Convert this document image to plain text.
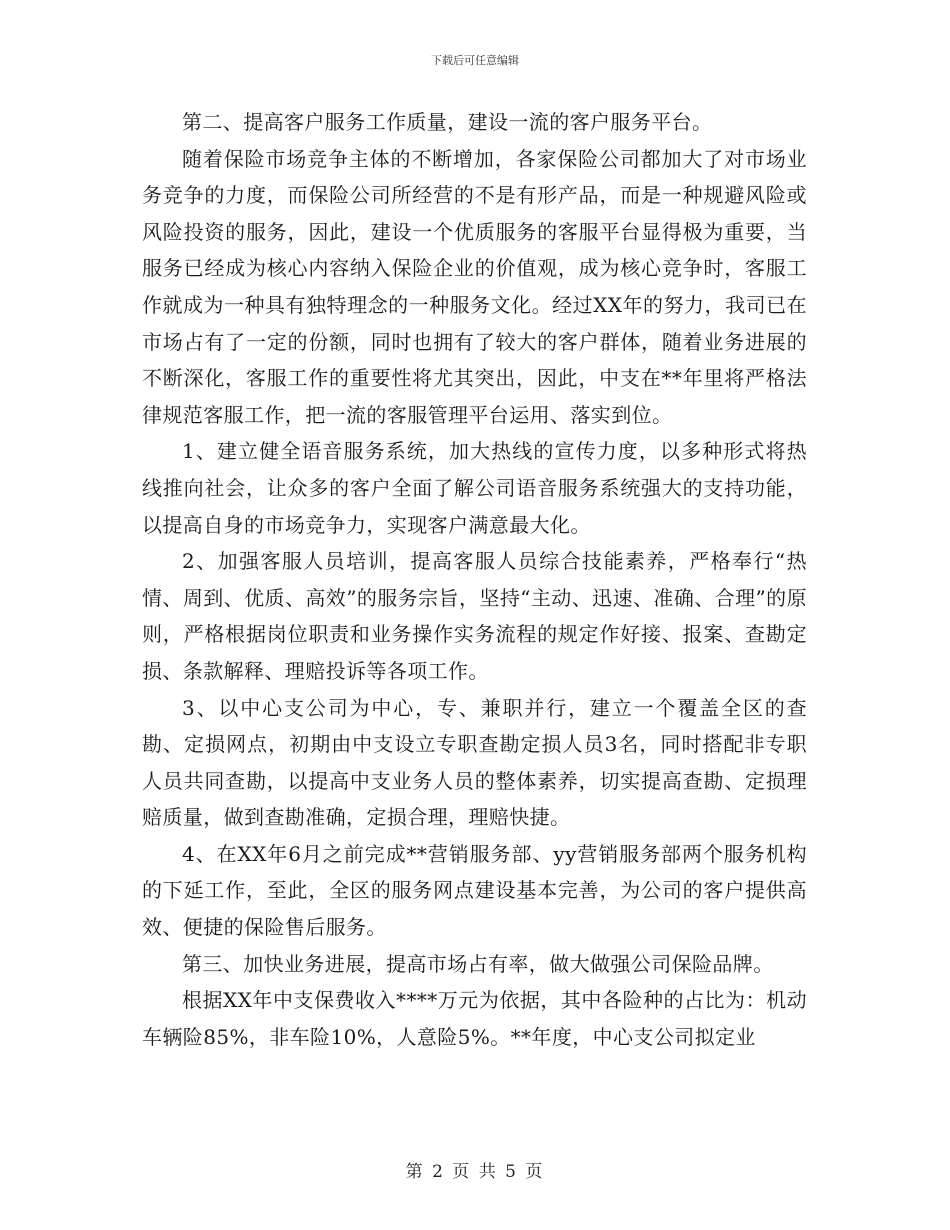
下载后可任意编辑

第二、提高客户服务工作质量，建设一流的客户服务平台。

随着保险市场竞争主体的不断增加，各家保险公司都加大了对市场业务竞争的力度，而保险公司所经营的不是有形产品，而是一种规避风险或风险投资的服务，因此，建设一个优质服务的客服平台显得极为重要，当服务已经成为核心内容纳入保险企业的价值观，成为核心竞争时，客服工作就成为一种具有独特理念的一种服务文化。经过XX年的努力，我司已在市场占有了一定的份额，同时也拥有了较大的客户群体，随着业务进展的不断深化，客服工作的重要性将尤其突出，因此，中支在**年里将严格法律规范客服工作，把一流的客服管理平台运用、落实到位。

1、建立健全语音服务系统，加大热线的宣传力度，以多种形式将热线推向社会，让众多的客户全面了解公司语音服务系统强大的支持功能，以提高自身的市场竞争力，实现客户满意最大化。

2、加强客服人员培训，提高客服人员综合技能素养，严格奉行“热情、周到、优质、高效”的服务宗旨，坚持“主动、迅速、准确、合理”的原则，严格根据岗位职责和业务操作实务流程的规定作好接、报案、查勘定损、条款解释、理赔投诉等各项工作。

3、以中心支公司为中心，专、兼职并行，建立一个覆盖全区的查勘、定损网点，初期由中支设立专职查勘定损人员3名，同时搭配非专职人员共同查勘，以提高中支业务人员的整体素养，切实提高查勘、定损理赔质量，做到查勘准确，定损合理，理赔快捷。

4、在XX年6月之前完成**营销服务部、yy营销服务部两个服务机构的下延工作，至此，全区的服务网点建设基本完善，为公司的客户提供高效、便捷的保险售后服务。

第三、加快业务进展，提高市场占有率，做大做强公司保险品牌。

根据XX年中支保费收入****万元为依据，其中各险种的占比为：机动车辆险85%，非车险10%，人意险5%。**年度，中心支公司拟定业

第 2 页 共 5 页
